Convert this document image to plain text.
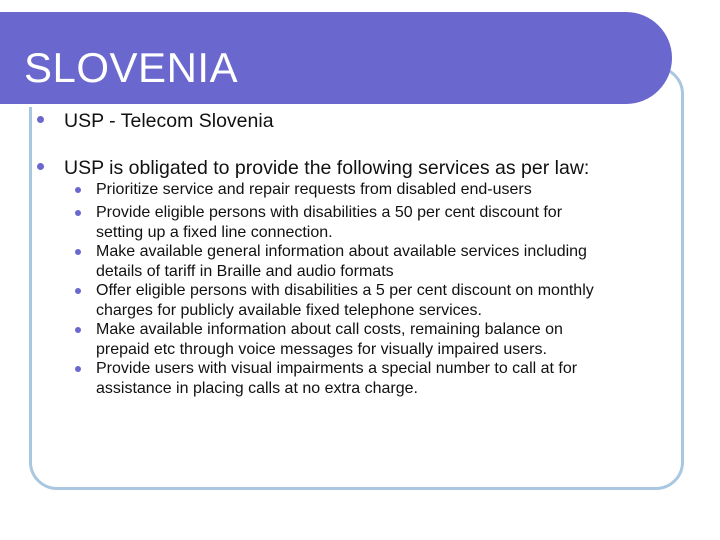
SLOVENIA
USP - Telecom Slovenia
USP is obligated to provide the following services as per law:
Prioritize service and repair requests from disabled end-users
Provide eligible persons with disabilities a 50 per cent discount for
setting up a fixed line connection.
Make available general information about available services including
details of tariff in Braille and audio formats
Offer eligible persons with disabilities a 5 per cent discount on monthly
charges for publicly available fixed telephone services.
Make available information about call costs, remaining balance on
prepaid etc through voice messages for visually impaired users.
Provide users with visual impairments a special number to call at for
assistance in placing calls at no extra charge.
